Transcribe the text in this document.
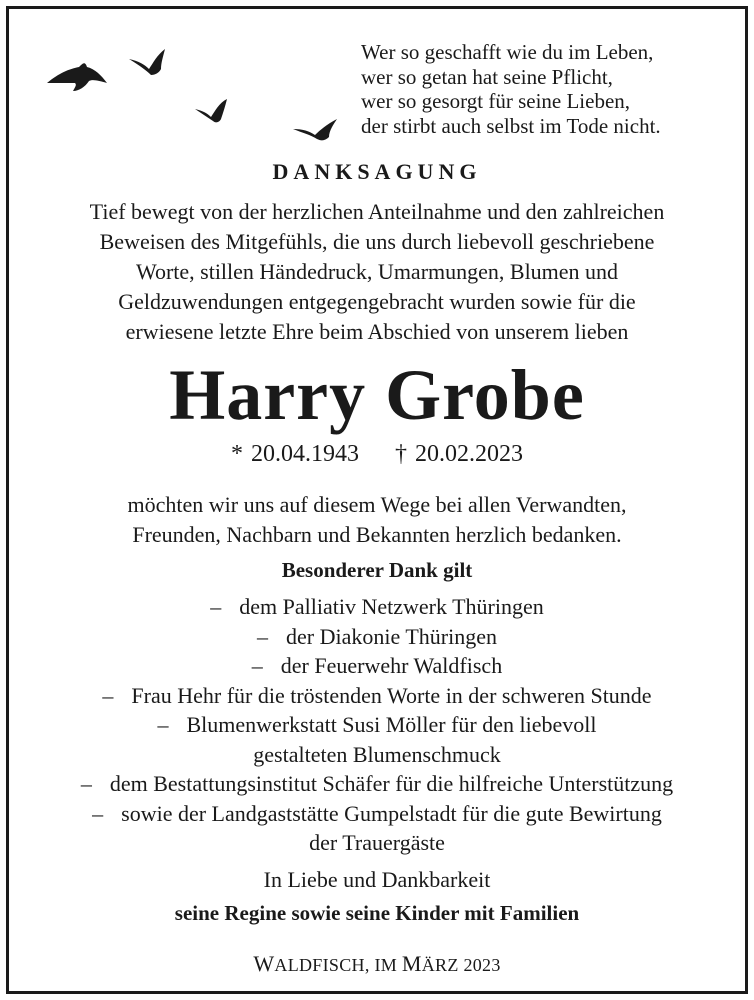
Wer so geschafft wie du im Leben,
wer so getan hat seine Pflicht,
wer so gesorgt für seine Lieben,
der stirbt auch selbst im Tode nicht.
DANKSAGUNG
Tief bewegt von der herzlichen Anteilnahme und den zahlreichen
Beweisen des Mitgefühls, die uns durch liebevoll geschriebene
Worte, stillen Händedruck, Umarmungen, Blumen und
Geldzuwendungen entgegengebracht wurden sowie für die
erwiesene letzte Ehre beim Abschied von unserem lieben
Harry Grobe
* 20.04.1943 † 20.02.2023
möchten wir uns auf diesem Wege bei allen Verwandten,
Freunden, Nachbarn und Bekannten herzlich bedanken.
Besonderer Dank gilt
– dem Palliativ Netzwerk Thüringen
– der Diakonie Thüringen
– der Feuerwehr Waldfisch
– Frau Hehr für die tröstenden Worte in der schweren Stunde
– Blumenwerkstatt Susi Möller für den liebevoll
gestalteten Blumenschmuck
– dem Bestattungsinstitut Schäfer für die hilfreiche Unterstützung
– sowie der Landgaststätte Gumpelstadt für die gute Bewirtung
der Trauergäste
In Liebe und Dankbarkeit
seine Regine sowie seine Kinder mit Familien
WALDFISCH, IM MÄRZ 2023
